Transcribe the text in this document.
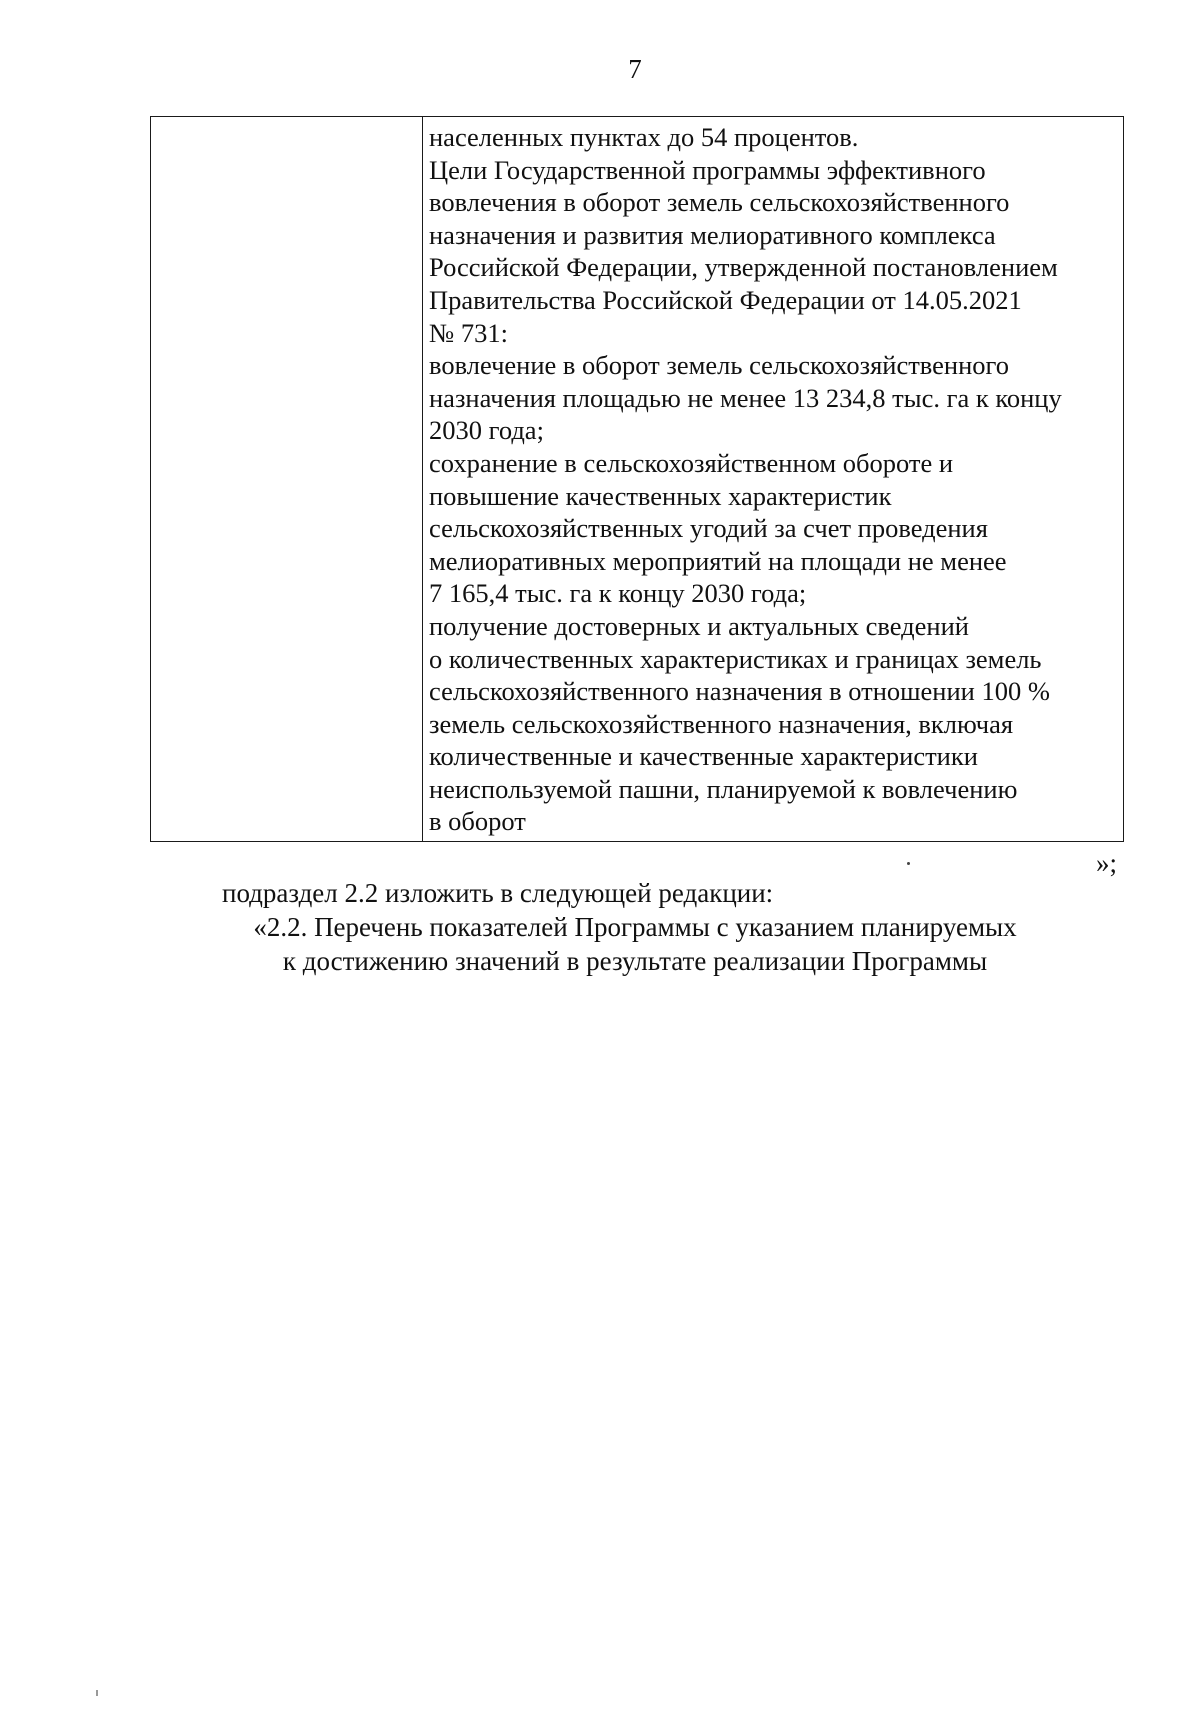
7
населенных пунктах до 54 процентов.
Цели Государственной программы эффективного
вовлечения в оборот земель сельскохозяйственного
назначения и развития мелиоративного комплекса
Российской Федерации, утвержденной постановлением
Правительства Российской Федерации от 14.05.2021
№ 731:
вовлечение в оборот земель сельскохозяйственного
назначения площадью не менее 13 234,8 тыс. га к концу
2030 года;
сохранение в сельскохозяйственном обороте и
повышение качественных характеристик
сельскохозяйственных угодий за счет проведения
мелиоративных мероприятий на площади не менее
7 165,4 тыс. га к концу 2030 года;
получение достоверных и актуальных сведений
о количественных характеристиках и границах земель
сельскохозяйственного назначения в отношении 100 %
земель сельскохозяйственного назначения, включая
количественные и качественные характеристики
неиспользуемой пашни, планируемой к вовлечению
в оборот
»;
подраздел 2.2 изложить в следующей редакции:
«2.2. Перечень показателей Программы с указанием планируемых
к достижению значений в результате реализации Программы
